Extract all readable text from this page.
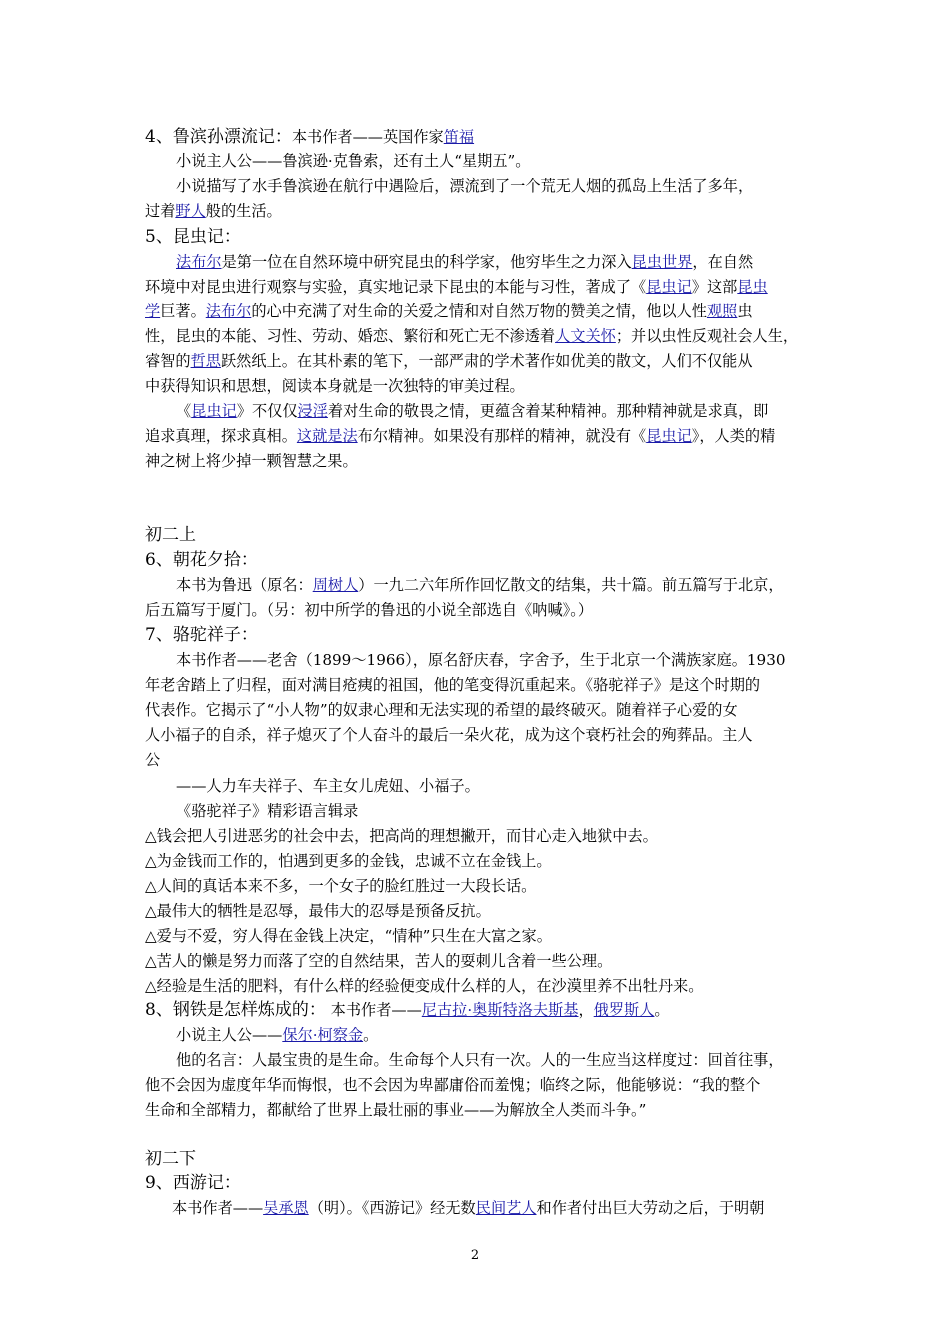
4、鲁滨孙漂流记：本书作者——英国作家笛福
小说主人公——鲁滨逊·克鲁索，还有土人“星期五”。
小说描写了水手鲁滨逊在航行中遇险后，漂流到了一个荒无人烟的孤岛上生活了多年，
过着野人般的生活。
5、昆虫记：
法布尔是第一位在自然环境中研究昆虫的科学家，他穷毕生之力深入昆虫世界，在自然
环境中对昆虫进行观察与实验，真实地记录下昆虫的本能与习性，著成了《昆虫记》这部昆虫
学巨著。法布尔的心中充满了对生命的关爱之情和对自然万物的赞美之情，他以人性观照虫
性，昆虫的本能、习性、劳动、婚恋、繁衍和死亡无不渗透着人文关怀；并以虫性反观社会人生，
睿智的哲思跃然纸上。在其朴素的笔下，一部严肃的学术著作如优美的散文，人们不仅能从
中获得知识和思想，阅读本身就是一次独特的审美过程。
《昆虫记》不仅仅浸淫着对生命的敬畏之情，更蕴含着某种精神。那种精神就是求真，即
追求真理，探求真相。这就是法布尔精神。如果没有那样的精神，就没有《昆虫记》，人类的精
神之树上将少掉一颗智慧之果。
初二上
6、朝花夕拾：
本书为鲁迅（原名：周树人）一九二六年所作回忆散文的结集，共十篇。前五篇写于北京，
后五篇写于厦门。（另：初中所学的鲁迅的小说全部选自《呐喊》。）
7、骆驼祥子：
本书作者——老舍（1899～1966），原名舒庆春，字舍予，生于北京一个满族家庭。1930
年老舍踏上了归程，面对满目疮痍的祖国，他的笔变得沉重起来。《骆驼祥子》是这个时期的
代表作。它揭示了“小人物”的奴隶心理和无法实现的希望的最终破灭。随着祥子心爱的女
人小福子的自杀，祥子熄灭了个人奋斗的最后一朵火花，成为这个衰朽社会的殉葬品。主人
公
——人力车夫祥子、车主女儿虎妞、小福子。
《骆驼祥子》精彩语言辑录
△钱会把人引进恶劣的社会中去，把高尚的理想撇开，而甘心走入地狱中去。
△为金钱而工作的，怕遇到更多的金钱，忠诚不立在金钱上。
△人间的真话本来不多，一个女子的脸红胜过一大段长话。
△最伟大的牺牲是忍辱，最伟大的忍辱是预备反抗。
△爱与不爱，穷人得在金钱上决定，“情种”只生在大富之家。
△苦人的懒是努力而落了空的自然结果，苦人的耍刺儿含着一些公理。
△经验是生活的肥料，有什么样的经验便变成什么样的人，在沙漠里养不出牡丹来。
8、钢铁是怎样炼成的： 本书作者——尼古拉·奥斯特洛夫斯基，俄罗斯人。
小说主人公——保尔·柯察金。
他的名言：人最宝贵的是生命。生命每个人只有一次。人的一生应当这样度过：回首往事，
他不会因为虚度年华而悔恨，也不会因为卑鄙庸俗而羞愧；临终之际，他能够说：“我的整个
生命和全部精力，都献给了世界上最壮丽的事业——为解放全人类而斗争。”
初二下
9、西游记：
本书作者——吴承恩（明）。《西游记》经无数民间艺人和作者付出巨大劳动之后，于明朝
2
